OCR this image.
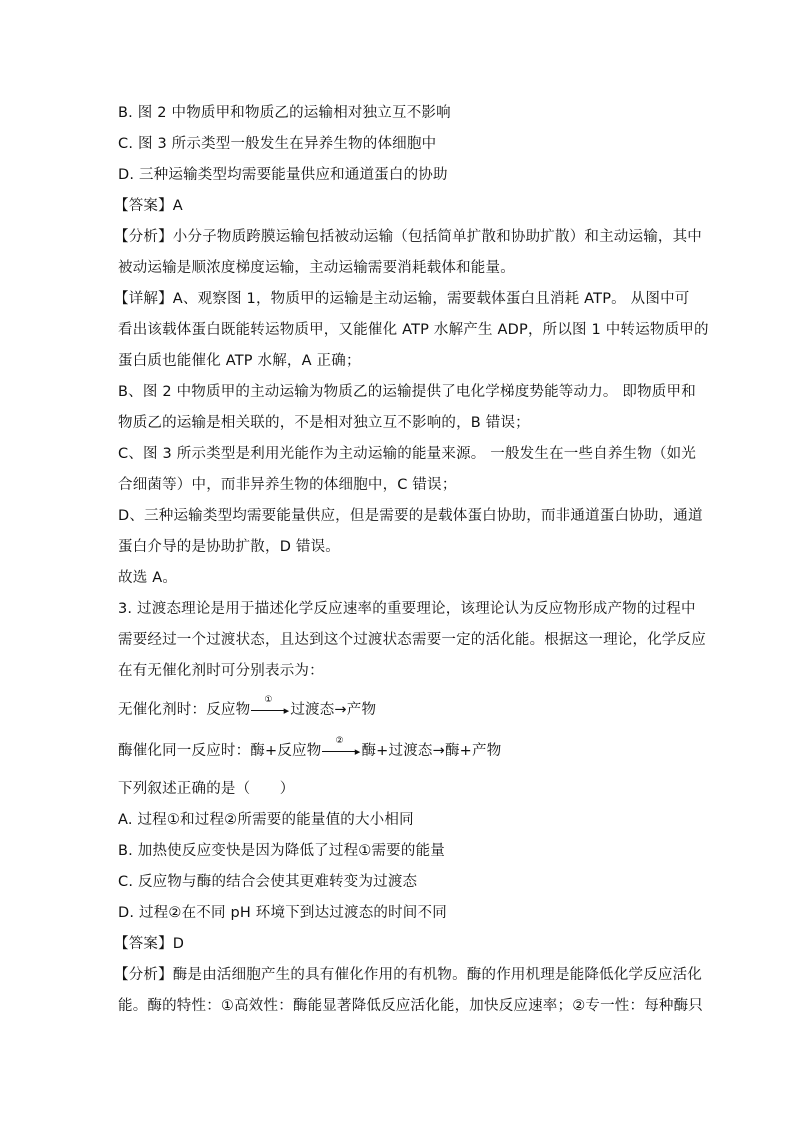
B. 图 2 中物质甲和物质乙的运输相对独立互不影响
C. 图 3 所示类型一般发生在异养生物的体细胞中
D. 三种运输类型均需要能量供应和通道蛋白的协助
【答案】A
【分析】小分子物质跨膜运输包括被动运输（包括简单扩散和协助扩散）和主动运输，其中
被动运输是顺浓度梯度运输，主动运输需要消耗载体和能量。
【详解】A、观察图 1，物质甲的运输是主动运输，需要载体蛋白且消耗 ATP。 从图中可
看出该载体蛋白既能转运物质甲，又能催化 ATP 水解产生 ADP，所以图 1 中转运物质甲的
蛋白质也能催化 ATP 水解，A 正确；
B、图 2 中物质甲的主动运输为物质乙的运输提供了电化学梯度势能等动力。 即物质甲和
物质乙的运输是相关联的，不是相对独立互不影响的，B 错误；
C、图 3 所示类型是利用光能作为主动运输的能量来源。 一般发生在一些自养生物（如光
合细菌等）中，而非异养生物的体细胞中，C 错误；
D、三种运输类型均需要能量供应，但是需要的是载体蛋白协助，而非通道蛋白协助，通道
蛋白介导的是协助扩散，D 错误。
故选 A。
3. 过渡态理论是用于描述化学反应速率的重要理论，该理论认为反应物形成产物的过程中
需要经过一个过渡状态，且达到这个过渡状态需要一定的活化能。根据这一理论，化学反应
在有无催化剂时可分别表示为：
无催化剂时：反应物
①
▸ 过渡态→产物
酶催化同一反应时：酶+反应物
②
▸ 酶+过渡态→酶+产物
下列叙述正确的是（　　）
A. 过程①和过程②所需要的能量值的大小相同
B. 加热使反应变快是因为降低了过程①需要的能量
C. 反应物与酶的结合会使其更难转变为过渡态
D. 过程②在不同 pH 环境下到达过渡态的时间不同
【答案】D
【分析】酶是由活细胞产生的具有催化作用的有机物。酶的作用机理是能降低化学反应活化
能。酶的特性：①高效性：酶能显著降低反应活化能，加快反应速率；②专一性：每种酶只
